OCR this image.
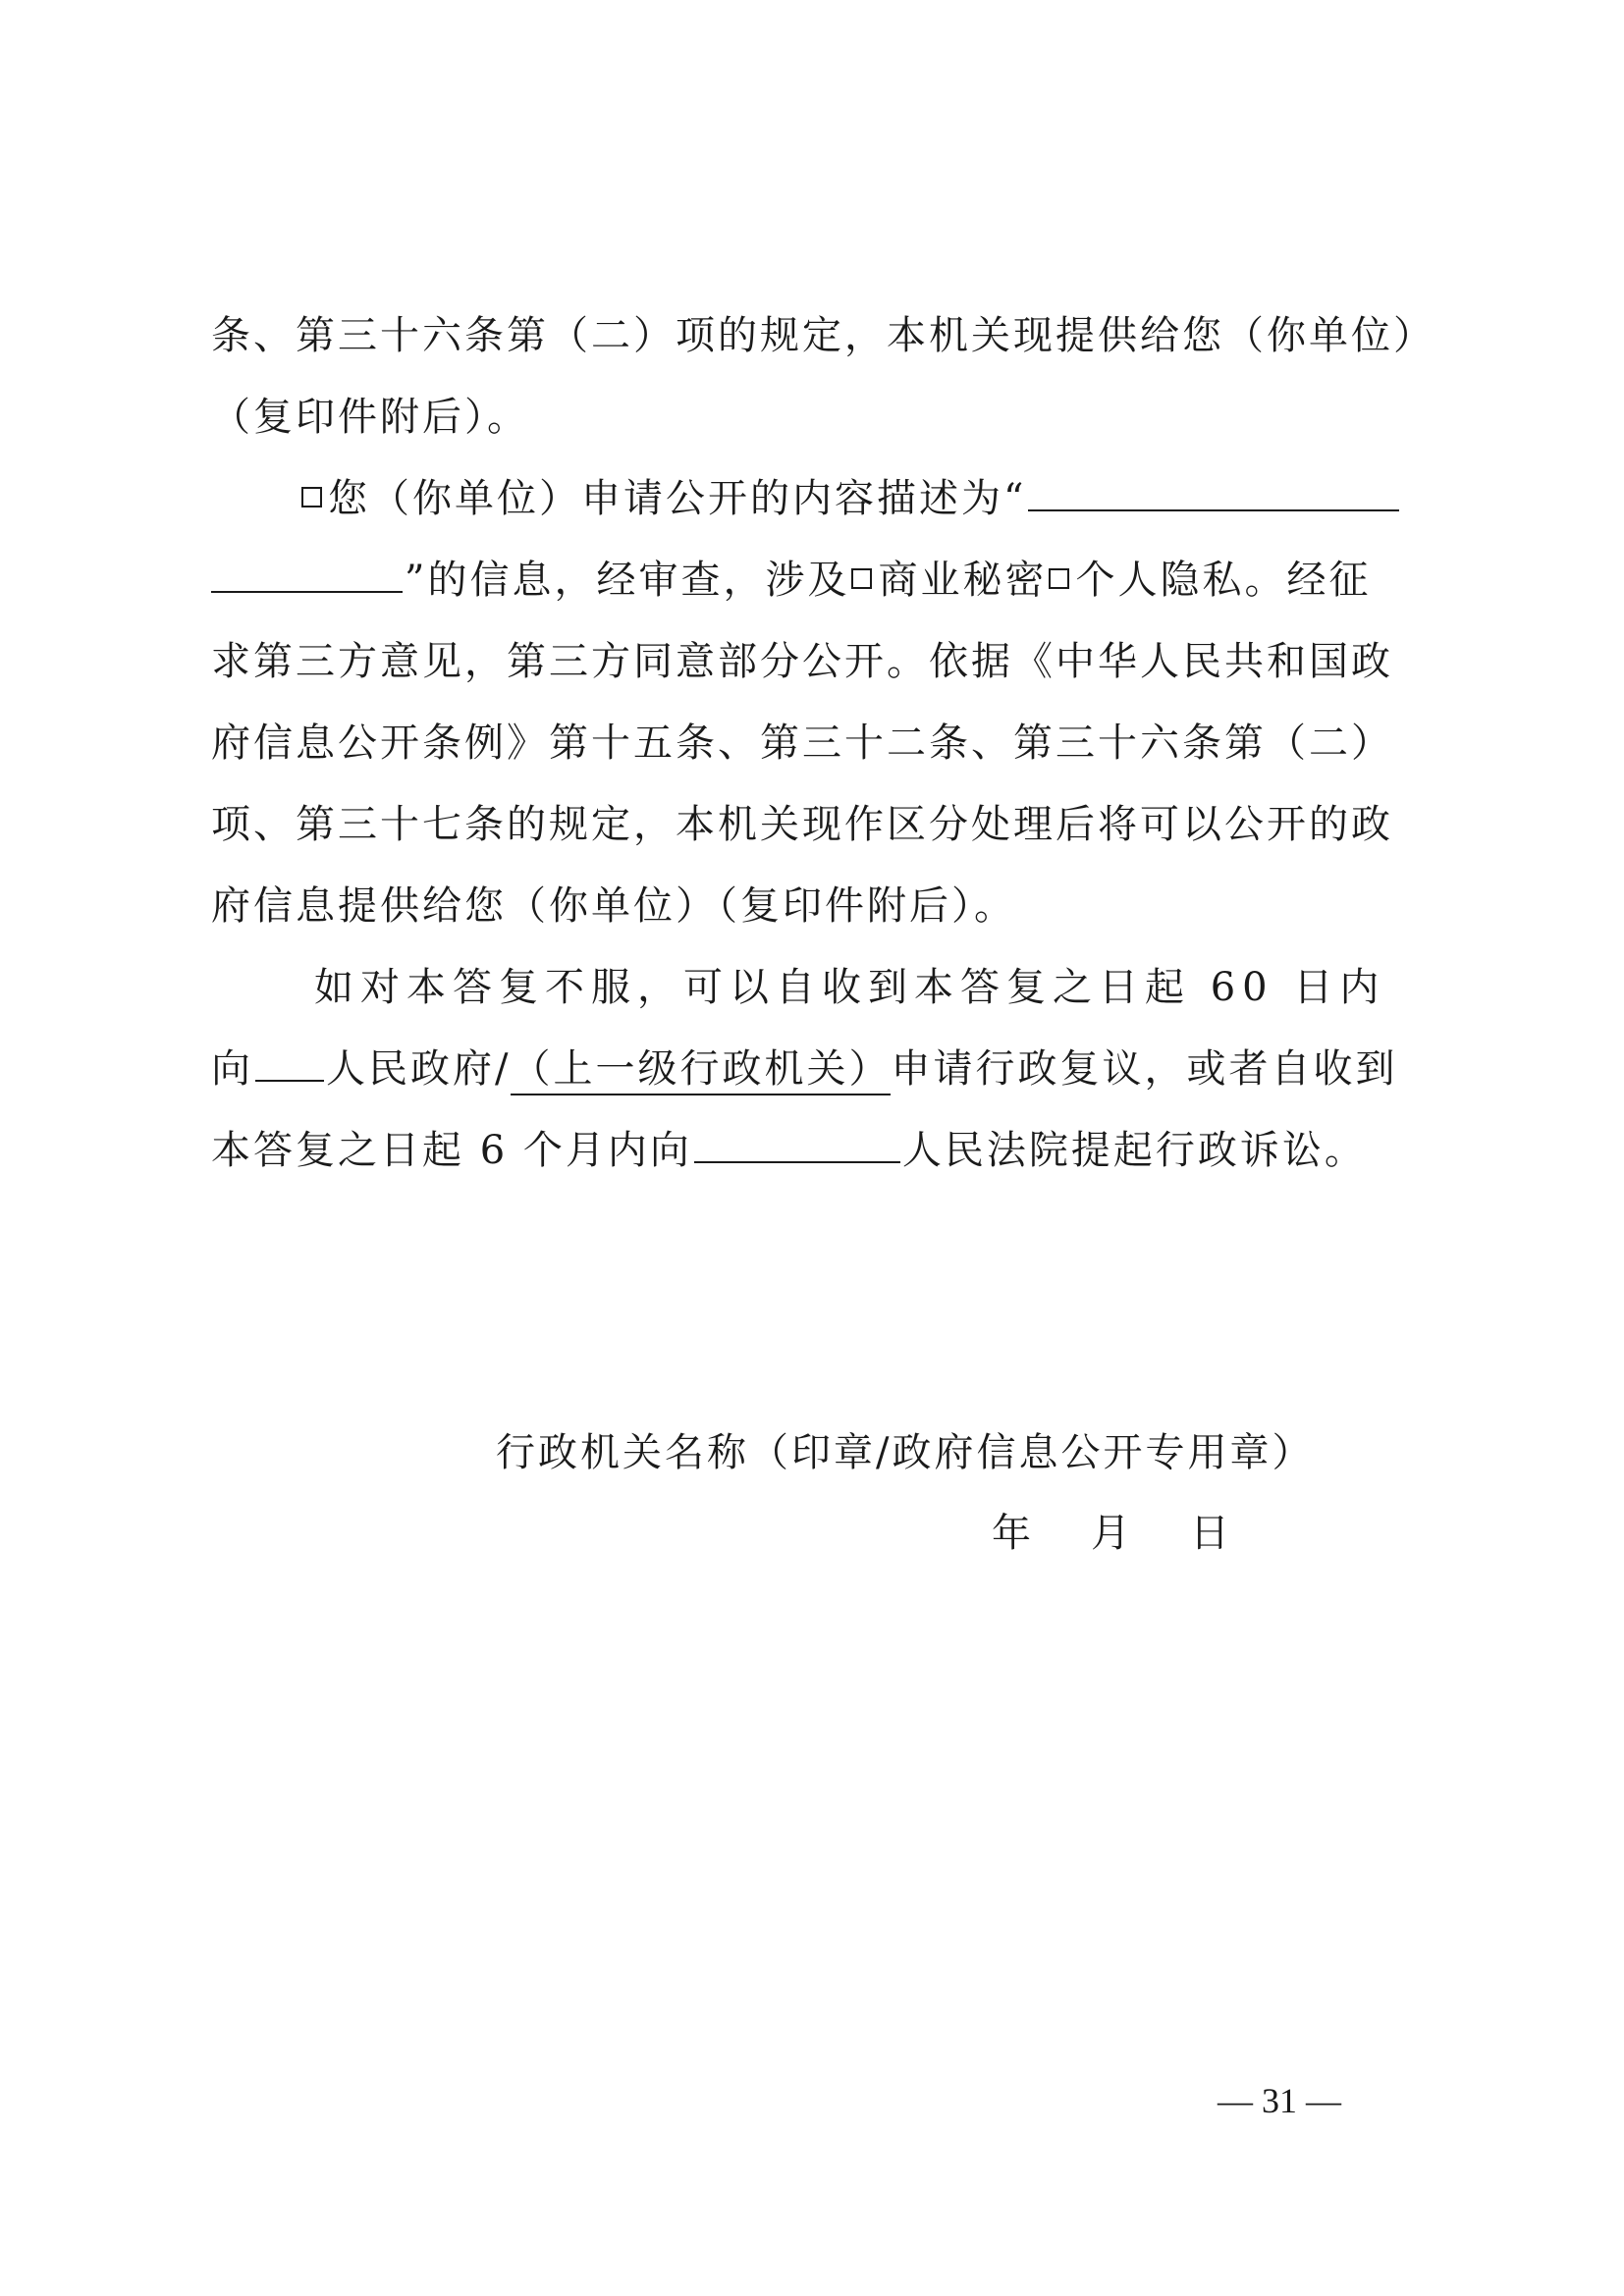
条、第三十六条第（二）项的规定，本机关现提供给您（你单位）
（复印件附后）。
您（你单位）申请公开的内容描述为“
”的信息，经审查，涉及 商业秘密 个人隐私。经征
求第三方意见，第三方同意部分公开。依据《中华人民共和国政
府信息公开条例》第十五条、第三十二条、第三十六条第（二）
项、第三十七条的规定，本机关现作区分处理后将可以公开的政
府信息提供给您（你单位）（复印件附后）。
如对本答复不服，可以自收到本答复之日起 60 日内
向 人民政府/（上一级行政机关）申请行政复议，或者自收到
本答复之日起 6 个月内向	人民法院提起行政诉讼。
行政机关名称（印章/政府信息公开专用章）
年 月 日
— 31 —
